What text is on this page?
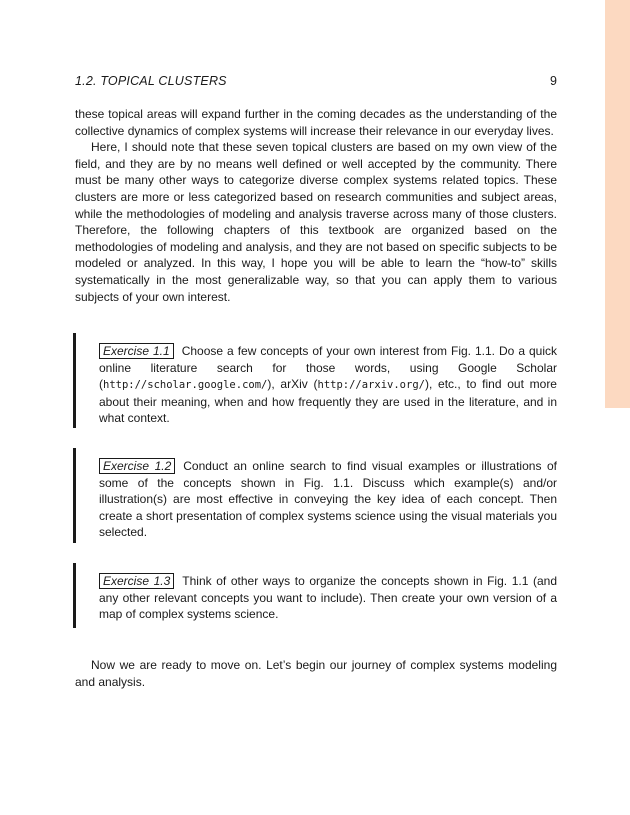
1.2. TOPICAL CLUSTERS	9

these topical areas will expand further in the coming decades as the understanding of the collective dynamics of complex systems will increase their relevance in our everyday lives.

Here, I should note that these seven topical clusters are based on my own view of the field, and they are by no means well defined or well accepted by the community. There must be many other ways to categorize diverse complex systems related topics. These clusters are more or less categorized based on research communities and subject areas, while the methodologies of modeling and analysis traverse across many of those clusters. Therefore, the following chapters of this textbook are organized based on the methodologies of modeling and analysis, and they are not based on specific subjects to be modeled or analyzed. In this way, I hope you will be able to learn the “how-to” skills systematically in the most generalizable way, so that you can apply them to various subjects of your own interest.

Exercise 1.1 Choose a few concepts of your own interest from Fig. 1.1. Do a quick online literature search for those words, using Google Scholar (http://scholar.google.com/), arXiv (http://arxiv.org/), etc., to find out more about their meaning, when and how frequently they are used in the literature, and in what context.
Exercise 1.2 Conduct an online search to find visual examples or illustrations of some of the concepts shown in Fig. 1.1. Discuss which example(s) and/or illustration(s) are most effective in conveying the key idea of each concept. Then create a short presentation of complex systems science using the visual materials you selected.
Exercise 1.3 Think of other ways to organize the concepts shown in Fig. 1.1 (and any other relevant concepts you want to include). Then create your own version of a map of complex systems science.

Now we are ready to move on. Let’s begin our journey of complex systems modeling and analysis.
